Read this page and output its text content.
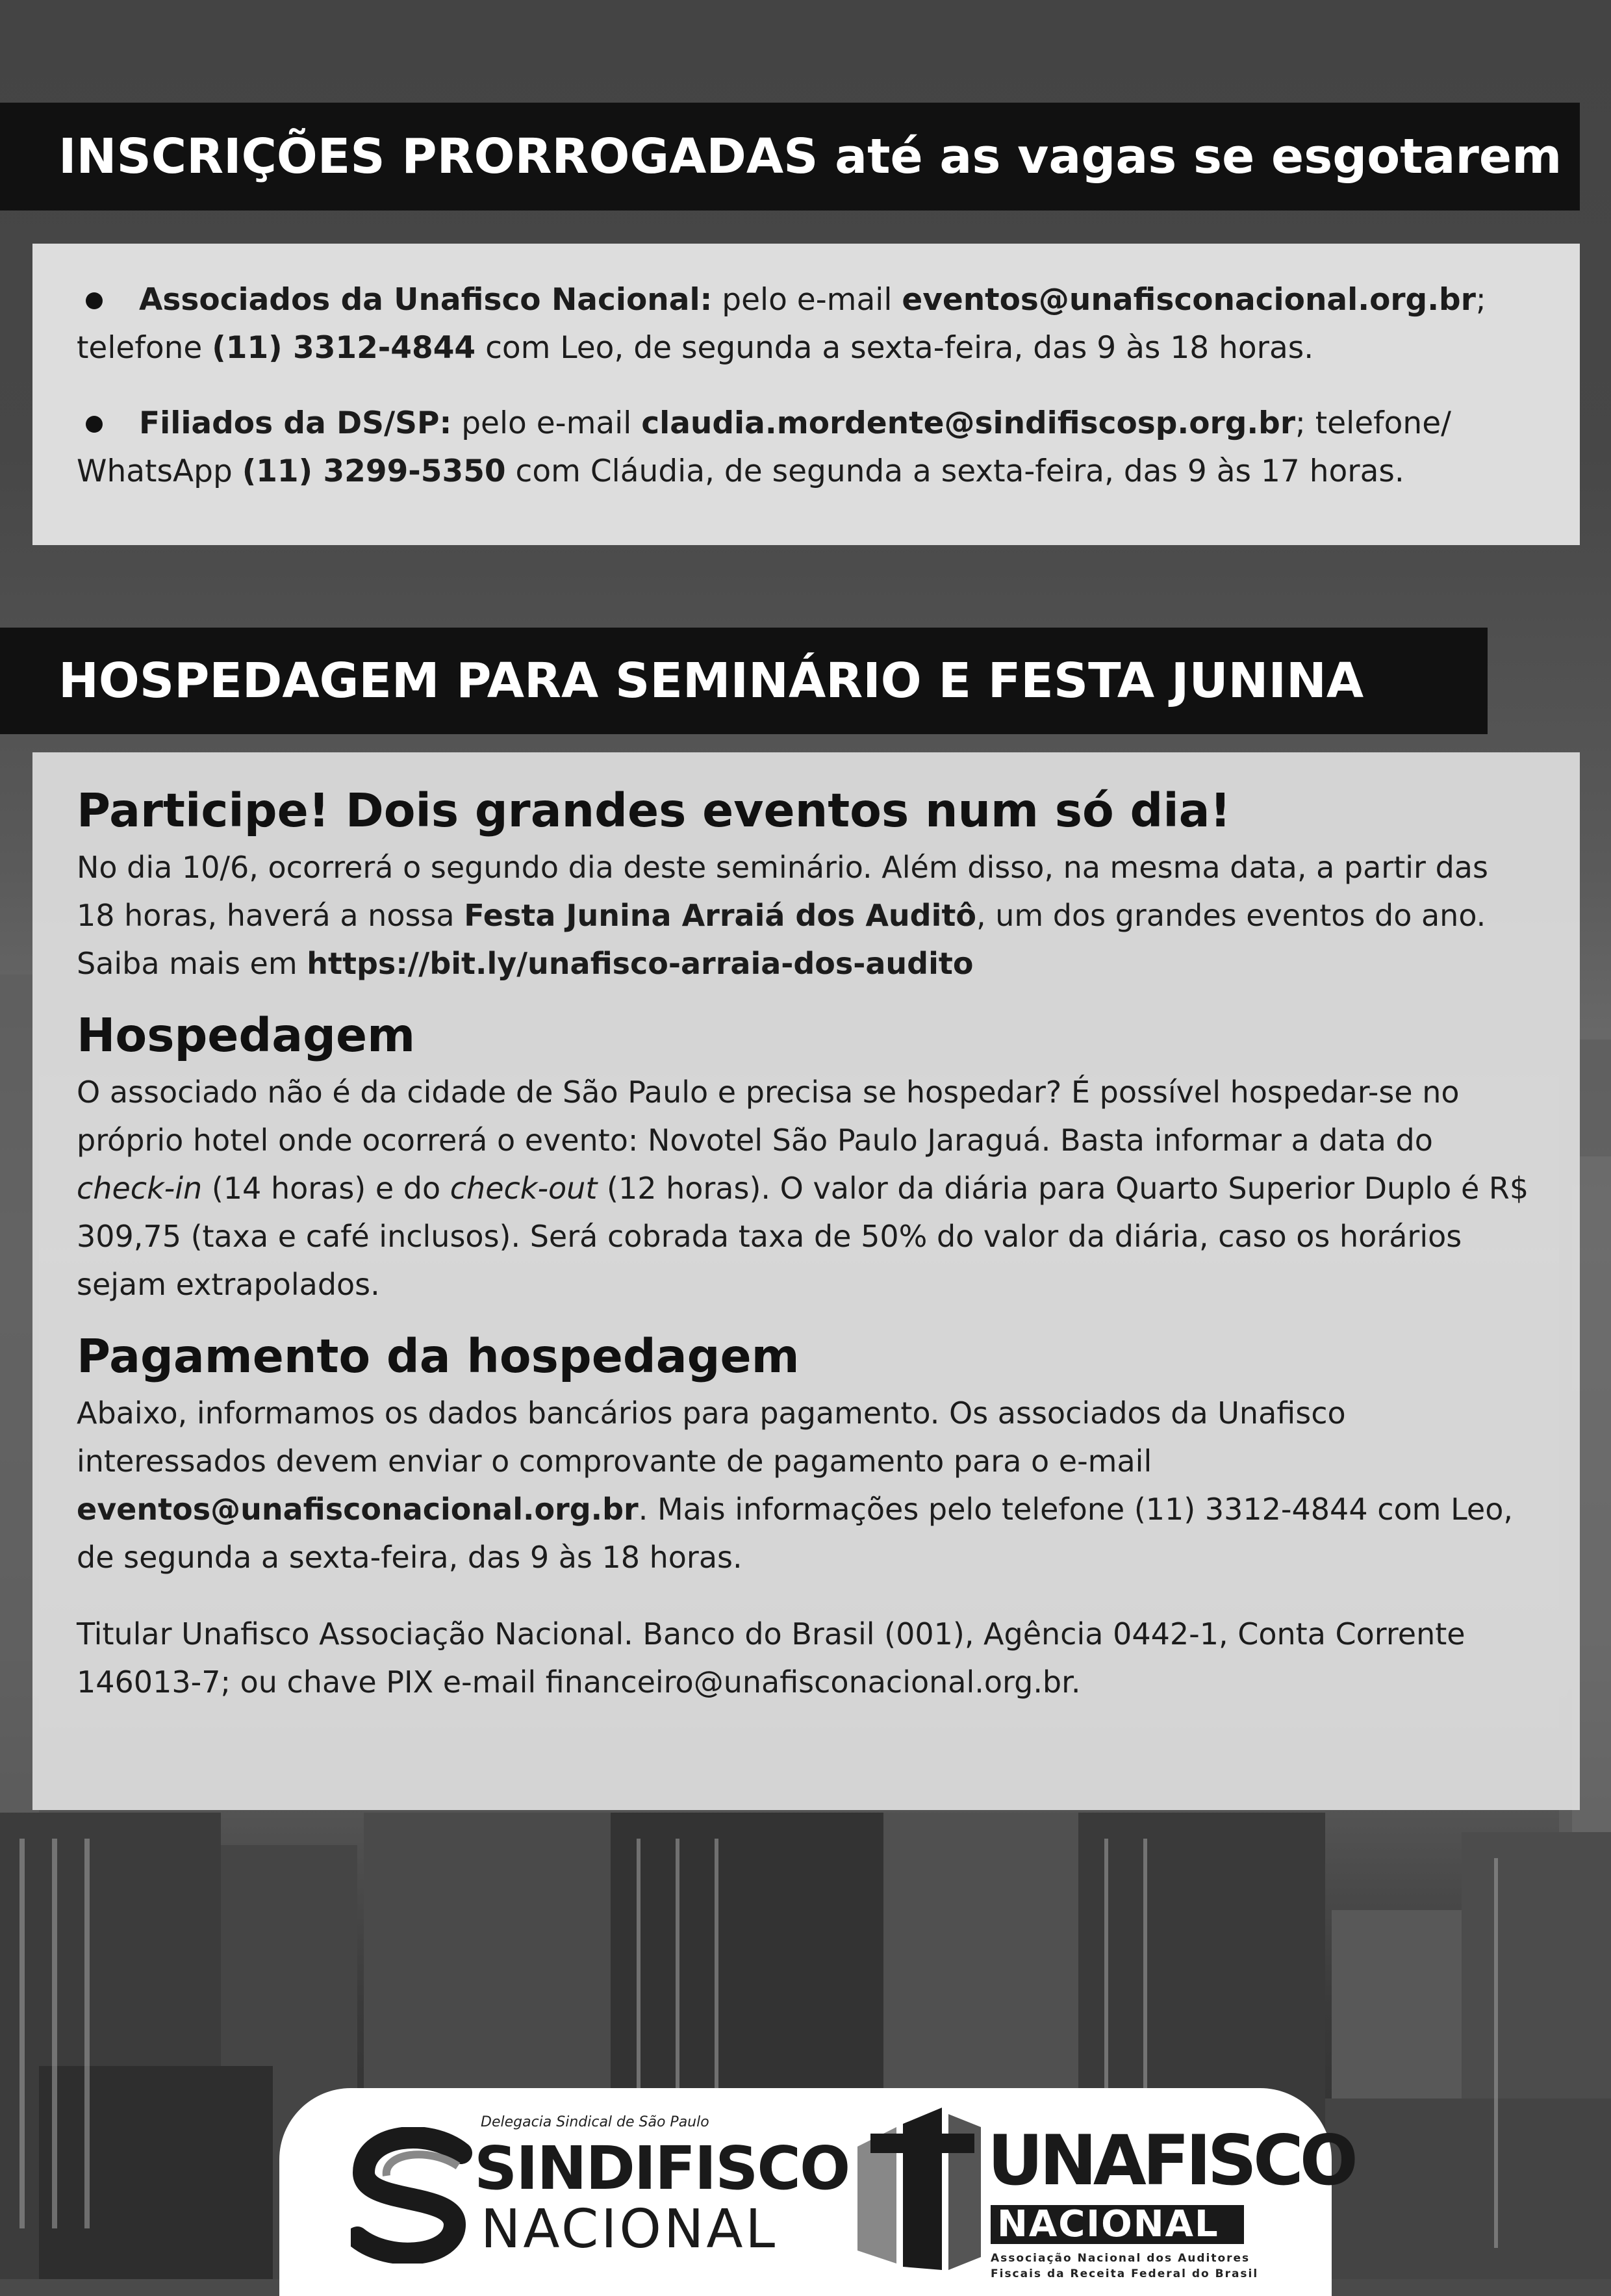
INSCRIÇÕES PRORROGADAS até as vagas se esgotarem
Associados da Unafisco Nacional: pelo e-mail eventos@unafisconacional.org.br; telefone (11) 3312-4844 com Leo, de segunda a sexta-feira, das 9 às 18 horas.
Filiados da DS/SP: pelo e-mail claudia.mordente@sindifiscosp.org.br; telefone/ WhatsApp (11) 3299-5350 com Cláudia, de segunda a sexta-feira, das 9 às 17 horas.
HOSPEDAGEM PARA SEMINÁRIO E FESTA JUNINA
Participe! Dois grandes eventos num só dia!

No dia 10/6, ocorrerá o segundo dia deste seminário. Além disso, na mesma data, a partir das 18 horas, haverá a nossa Festa Junina Arraiá dos Auditô, um dos grandes eventos do ano. Saiba mais em https://bit.ly/unafisco-arraia-dos-audito

Hospedagem

O associado não é da cidade de São Paulo e precisa se hospedar? É possível hospedar-se no próprio hotel onde ocorrerá o evento: Novotel São Paulo Jaraguá. Basta informar a data do check-in (14 horas) e do check-out (12 horas). O valor da diária para Quarto Superior Duplo é R$ 309,75 (taxa e café inclusos). Será cobrada taxa de 50% do valor da diária, caso os horários sejam extrapolados.

Pagamento da hospedagem

Abaixo, informamos os dados bancários para pagamento. Os associados da Unafisco interessados devem enviar o comprovante de pagamento para o e-mail eventos@unafisconacional.org.br. Mais informações pelo telefone (11) 3312-4844 com Leo, de segunda a sexta-feira, das 9 às 18 horas.

Titular Unafisco Associação Nacional. Banco do Brasil (001), Agência 0442-1, Conta Corrente 146013-7; ou chave PIX e-mail financeiro@unafisconacional.org.br.

Delegacia Sindical de São Paulo
SINDIFISCO
NACIONAL
UNAFISCO
NACIONAL
Associação Nacional dos Auditores
Fiscais da Receita Federal do Brasil
